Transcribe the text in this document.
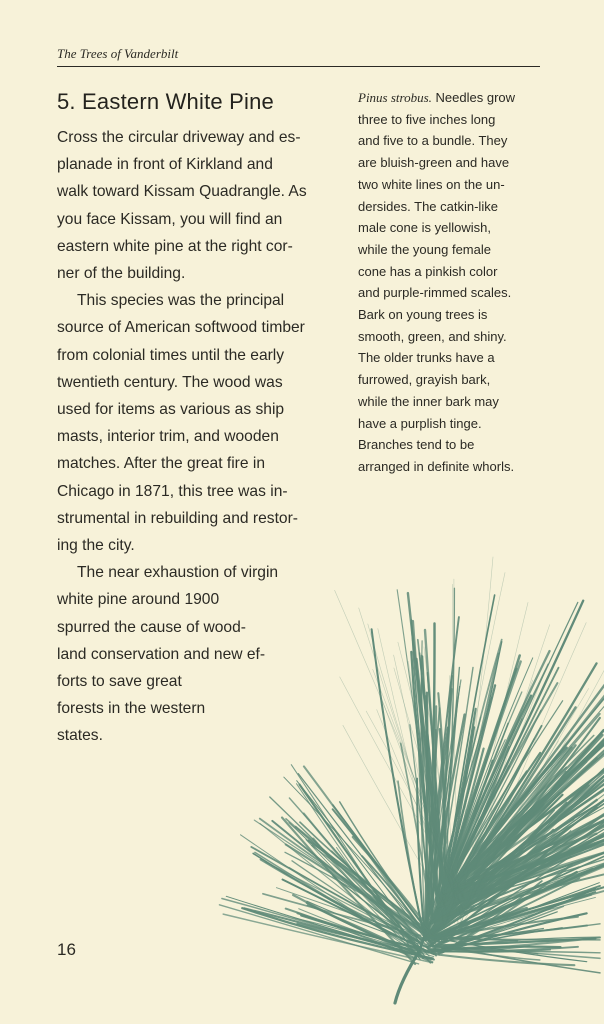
The Trees of Vanderbilt
5. Eastern White Pine

Cross the circular driveway and es-
planade in front of Kirkland and
walk toward Kissam Quadrangle. As
you face Kissam, you will find an
eastern white pine at the right cor-
ner of the building.

This species was the principal
source of American softwood timber
from colonial times until the early
twentieth century. The wood was
used for items as various as ship
masts, interior trim, and wooden
matches. After the great fire in
Chicago in 1871, this tree was in-
strumental in rebuilding and restor-
ing the city.

The near exhaustion of virgin
white pine around 1900
spurred the cause of wood-
land conservation and new ef-
forts to save great
forests in the western
states.

Pinus strobus. Needles grow
three to five inches long
and five to a bundle. They
are bluish-green and have
two white lines on the un-
dersides. The catkin-like
male cone is yellowish,
while the young female
cone has a pinkish color
and purple-rimmed scales.
Bark on young trees is
smooth, green, and shiny.
The older trunks have a
furrowed, grayish bark,
while the inner bark may
have a purplish tinge.
Branches tend to be
arranged in definite whorls.
16
